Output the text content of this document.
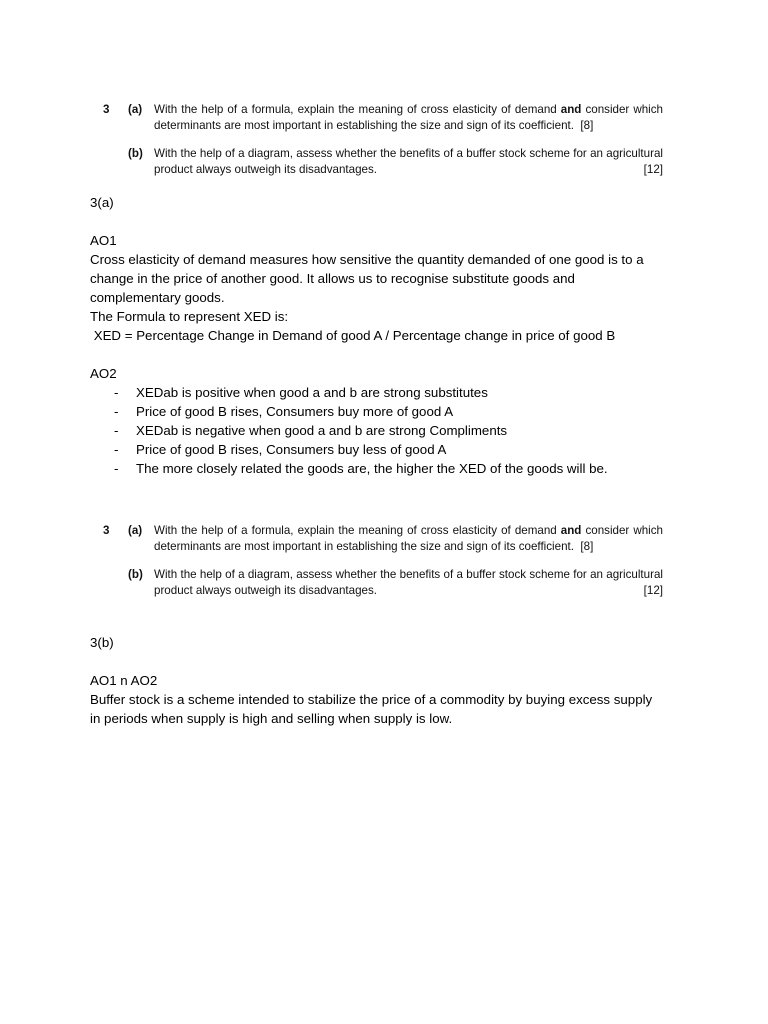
3 (a) With the help of a formula, explain the meaning of cross elasticity of demand and consider which determinants are most important in establishing the size and sign of its coefficient. [8]
(b) With the help of a diagram, assess whether the benefits of a buffer stock scheme for an agricultural product always outweigh its disadvantages.	[12]
3(a)
AO1
Cross elasticity of demand measures how sensitive the quantity demanded of one good is to a
change in the price of another good. It allows us to recognise substitute goods and
complementary goods.
The Formula to represent XED is:
XED = Percentage Change in Demand of good A / Percentage change in price of good B
AO2
- XEDab is positive when good a and b are strong substitutes
- Price of good B rises, Consumers buy more of good A
- XEDab is negative when good a and b are strong Compliments
- Price of good B rises, Consumers buy less of good A
- The more closely related the goods are, the higher the XED of the goods will be.
3 (a) With the help of a formula, explain the meaning of cross elasticity of demand and consider which determinants are most important in establishing the size and sign of its coefficient. [8]
(b) With the help of a diagram, assess whether the benefits of a buffer stock scheme for an agricultural product always outweigh its disadvantages.	[12]
3(b)
AO1 n AO2
Buffer stock is a scheme intended to stabilize the price of a commodity by buying excess supply
in periods when supply is high and selling when supply is low.
